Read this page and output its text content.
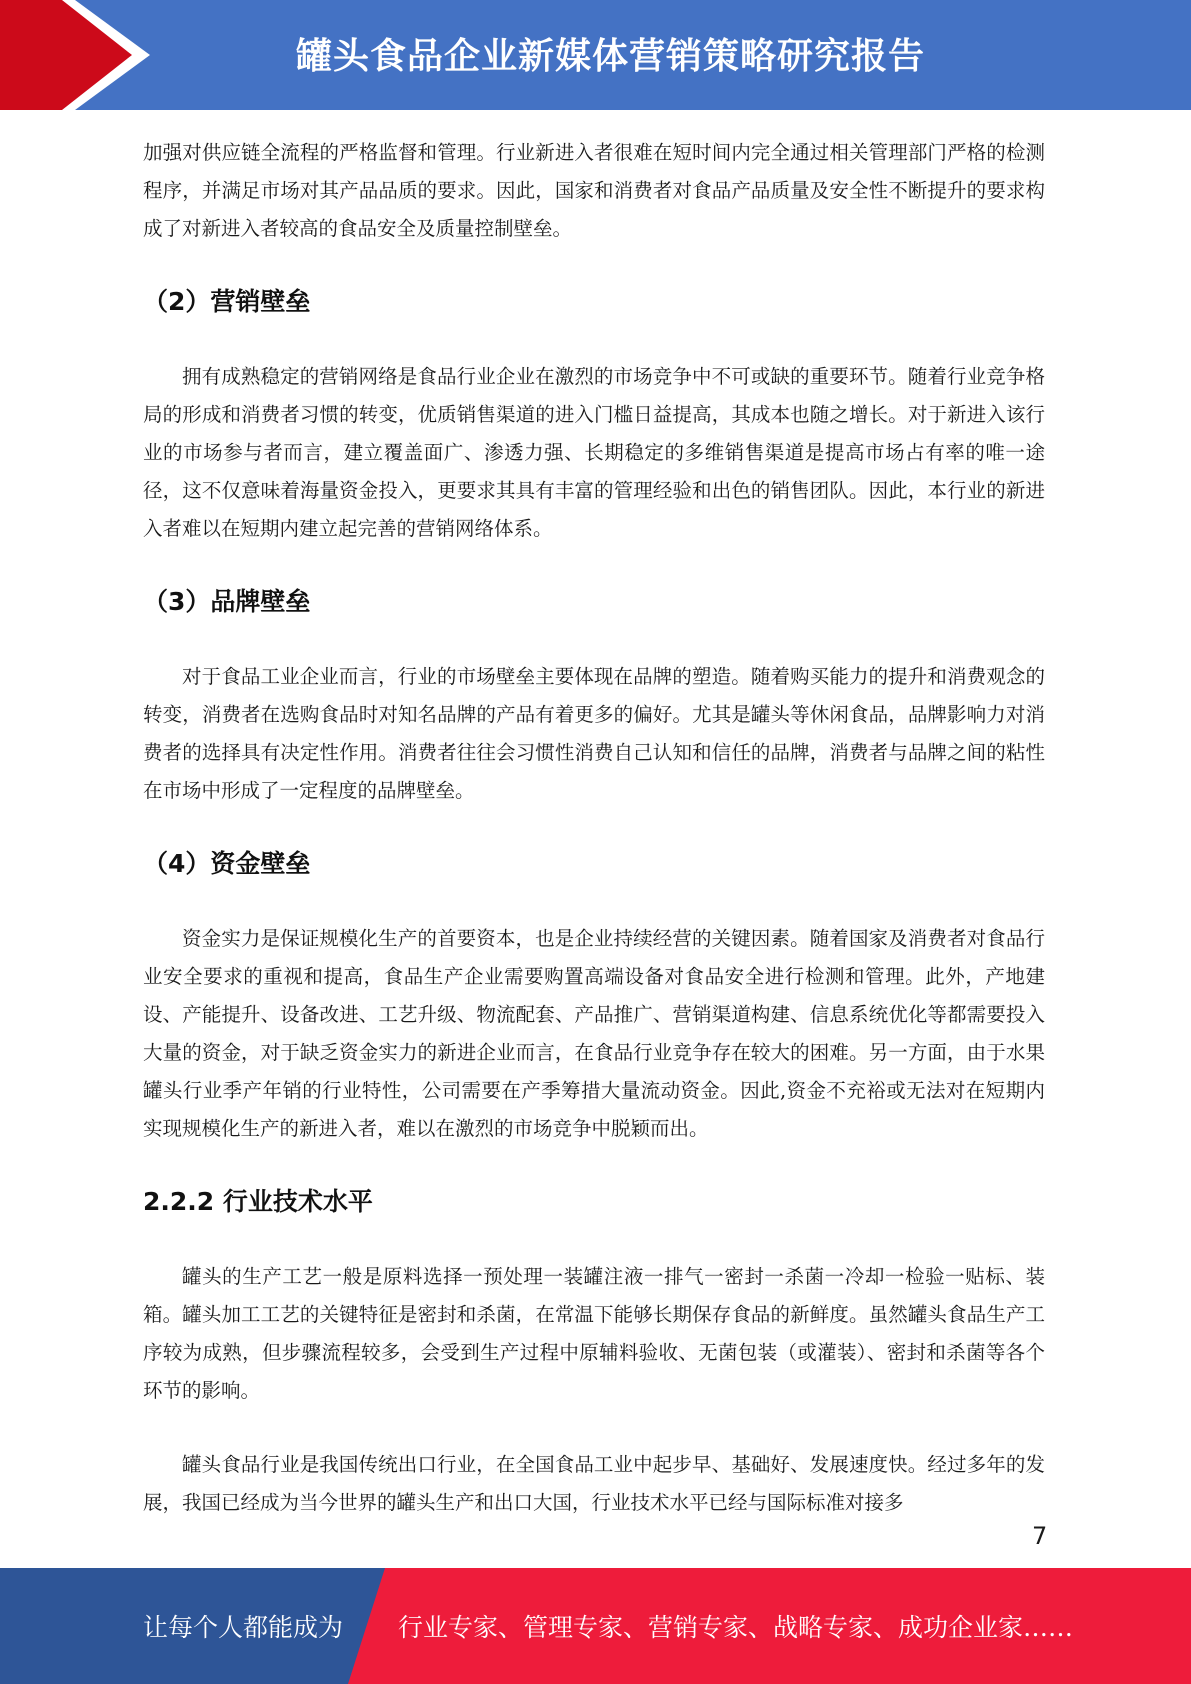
罐头食品企业新媒体营销策略研究报告

加强对供应链全流程的严格监督和管理。行业新进入者很难在短时间内完全通过相关管理部门严格的检测程序，并满足市场对其产品品质的要求。因此，国家和消费者对食品产品质量及安全性不断提升的要求构成了对新进入者较高的食品安全及质量控制壁垒。

（2）营销壁垒

拥有成熟稳定的营销网络是食品行业企业在激烈的市场竞争中不可或缺的重要环节。随着行业竞争格局的形成和消费者习惯的转变，优质销售渠道的进入门槛日益提高，其成本也随之增长。对于新进入该行业的市场参与者而言，建立覆盖面广、渗透力强、长期稳定的多维销售渠道是提高市场占有率的唯一途径，这不仅意味着海量资金投入，更要求其具有丰富的管理经验和出色的销售团队。因此，本行业的新进入者难以在短期内建立起完善的营销网络体系。

（3）品牌壁垒

对于食品工业企业而言，行业的市场壁垒主要体现在品牌的塑造。随着购买能力的提升和消费观念的转变，消费者在选购食品时对知名品牌的产品有着更多的偏好。尤其是罐头等休闲食品，品牌影响力对消费者的选择具有决定性作用。消费者往往会习惯性消费自己认知和信任的品牌，消费者与品牌之间的粘性在市场中形成了一定程度的品牌壁垒。

（4）资金壁垒

资金实力是保证规模化生产的首要资本，也是企业持续经营的关键因素。随着国家及消费者对食品行业安全要求的重视和提高，食品生产企业需要购置高端设备对食品安全进行检测和管理。此外，产地建设、产能提升、设备改进、工艺升级、物流配套、产品推广、营销渠道构建、信息系统优化等都需要投入大量的资金，对于缺乏资金实力的新进企业而言，在食品行业竞争存在较大的困难。另一方面，由于水果罐头行业季产年销的行业特性，公司需要在产季筹措大量流动资金。因此,资金不充裕或无法对在短期内实现规模化生产的新进入者，难以在激烈的市场竞争中脱颖而出。

2.2.2 行业技术水平

罐头的生产工艺一般是原料选择一预处理一装罐注液一排气一密封一杀菌一冷却一检验一贴标、装箱。罐头加工工艺的关键特征是密封和杀菌，在常温下能够长期保存食品的新鲜度。虽然罐头食品生产工序较为成熟，但步骤流程较多，会受到生产过程中原辅料验收、无菌包装（或灌装）、密封和杀菌等各个环节的影响。

罐头食品行业是我国传统出口行业，在全国食品工业中起步早、基础好、发展速度快。经过多年的发展，我国已经成为当今世界的罐头生产和出口大国，行业技术水平已经与国际标准对接多

7
让每个人都能成为 行业专家、管理专家、营销专家、战略专家、成功企业家……
